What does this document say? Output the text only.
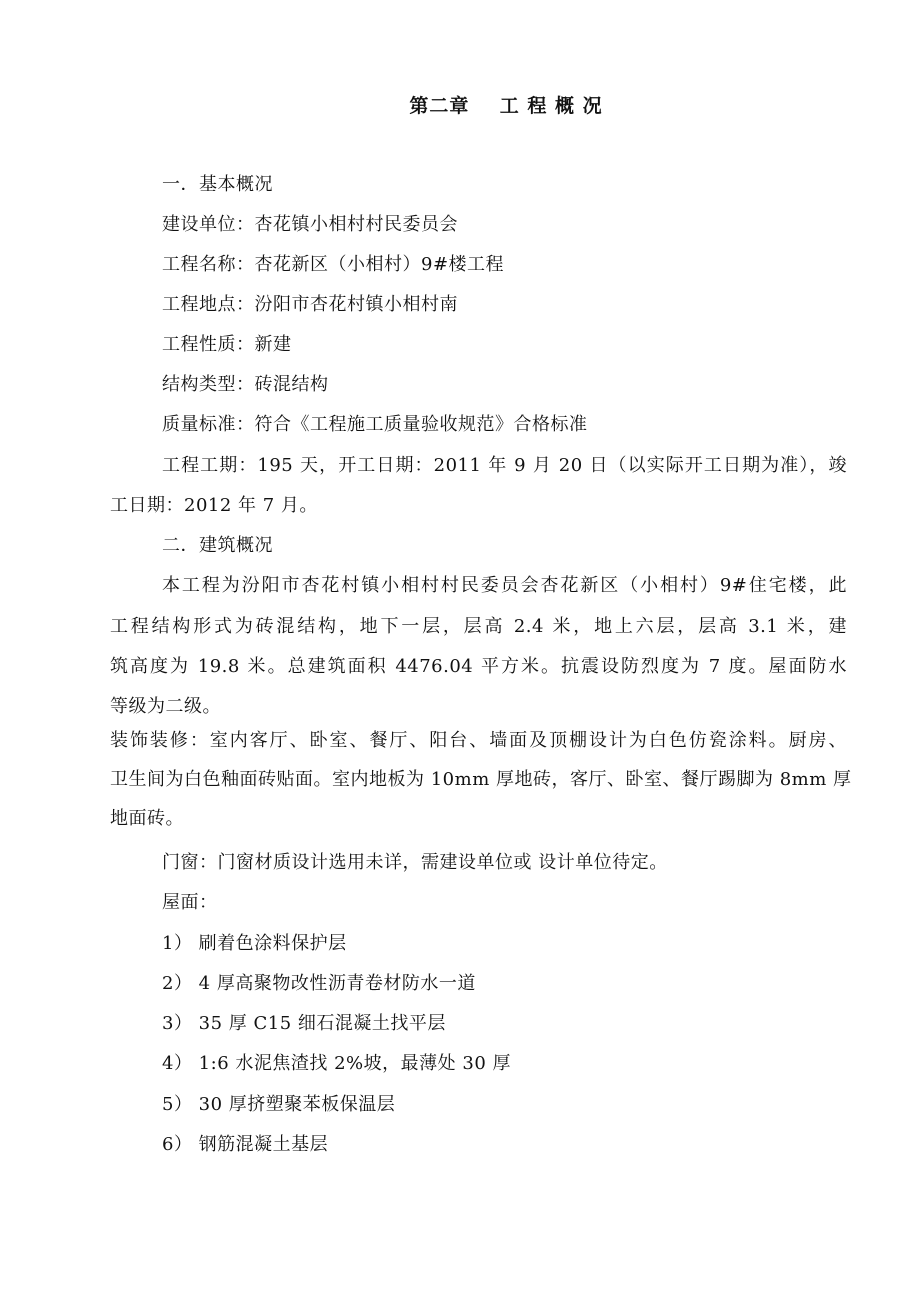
第二章    工 程 概 况
一．基本概况
建设单位：杏花镇小相村村民委员会
工程名称：杏花新区（小相村）9#楼工程
工程地点：汾阳市杏花村镇小相村南
工程性质：新建
结构类型：砖混结构
质量标准：符合《工程施工质量验收规范》合格标准
工程工期：195 天，开工日期：2011 年 9 月 20 日（以实际开工日期为准），竣
工日期：2012 年 7 月。
二．建筑概况
本工程为汾阳市杏花村镇小相村村民委员会杏花新区（小相村）9#住宅楼，此
工程结构形式为砖混结构，地下一层，层高 2.4 米，地上六层，层高 3.1 米，建
筑高度为 19.8 米。总建筑面积 4476.04 平方米。抗震设防烈度为 7 度。屋面防水
等级为二级。
装饰装修：室内客厅、卧室、餐厅、阳台、墙面及顶棚设计为白色仿瓷涂料。厨房、
卫生间为白色釉面砖贴面。室内地板为 10mm 厚地砖，客厅、卧室、餐厅踢脚为 8mm 厚
地面砖。
门窗：门窗材质设计选用未详，需建设单位或 设计单位待定。
屋面：
1） 刷着色涂料保护层
2） 4 厚高聚物改性沥青卷材防水一道
3） 35 厚 C15 细石混凝土找平层
4） 1:6 水泥焦渣找 2%坡，最薄处 30 厚
5） 30 厚挤塑聚苯板保温层
6） 钢筋混凝土基层
